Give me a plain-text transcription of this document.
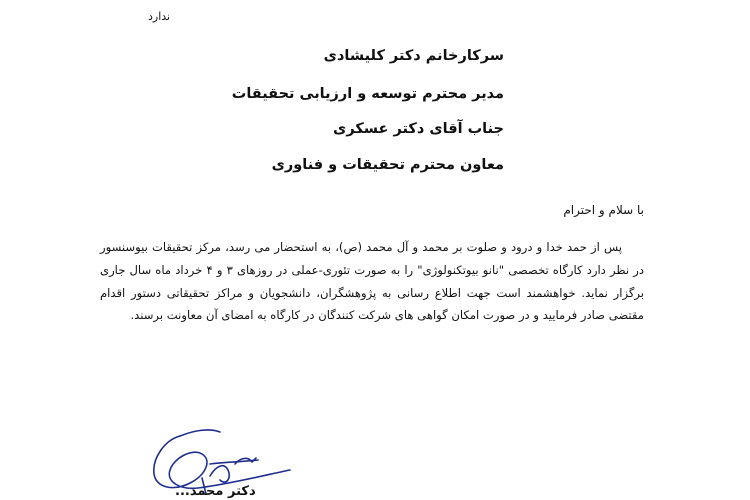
ندارد
سرکارخانم دکتر کلیشادی
مدیر محترم توسعه و ارزیابی تحقیقات
جناب آقای دکتر عسکری
معاون محترم تحقیقات و فناوری
با سلام و احترام

پس از حمد خدا و درود و صلوت بر محمد و آل محمد (ص)، به استحضار می رسد، مرکز تحقیقات بیوسنسور در نظر دارد کارگاه تخصصی "نانو بیوتکنولوژی" را به صورت تئوری-عملی در روزهای ۳ و ۴ خرداد ماه سال جاری برگزار نماید. خواهشمند است جهت اطلاع رسانی به پژوهشگران، دانشجویان و مراکز تحقیقاتی دستور اقدام مقتضی صادر فرمایید و در صورت امکان گواهی های شرکت کنندگان در کارگاه به امضای آن معاونت برسند.

دکتر محمد...
